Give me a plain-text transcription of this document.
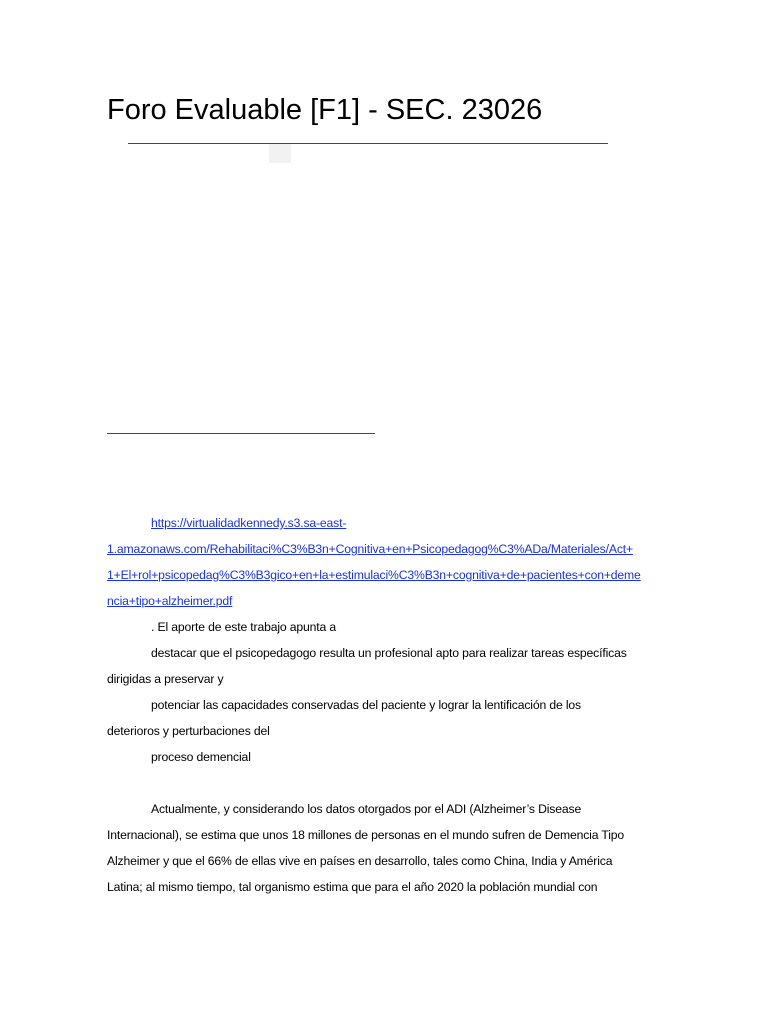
Foro Evaluable [F1] - SEC. 23026
https://virtualidadkennedy.s3.sa-east-
1.amazonaws.com/Rehabilitaci%C3%B3n+Cognitiva+en+Psicopedagog%C3%ADa/Materiales/Act+
1+El+rol+psicopedag%C3%B3gico+en+la+estimulaci%C3%B3n+cognitiva+de+pacientes+con+deme
ncia+tipo+alzheimer.pdf
. El aporte de este trabajo apunta a
destacar que el psicopedagogo resulta un profesional apto para realizar tareas específicas
dirigidas a preservar y
potenciar las capacidades conservadas del paciente y lograr la lentificación de los
deterioros y perturbaciones del
proceso demencial
Actualmente, y considerando los datos otorgados por el ADI (Alzheimer’s Disease
Internacional), se estima que unos 18 millones de personas en el mundo sufren de Demencia Tipo
Alzheimer y que el 66% de ellas vive en países en desarrollo, tales como China, India y América
Latina; al mismo tiempo, tal organismo estima que para el año 2020 la población mundial con
